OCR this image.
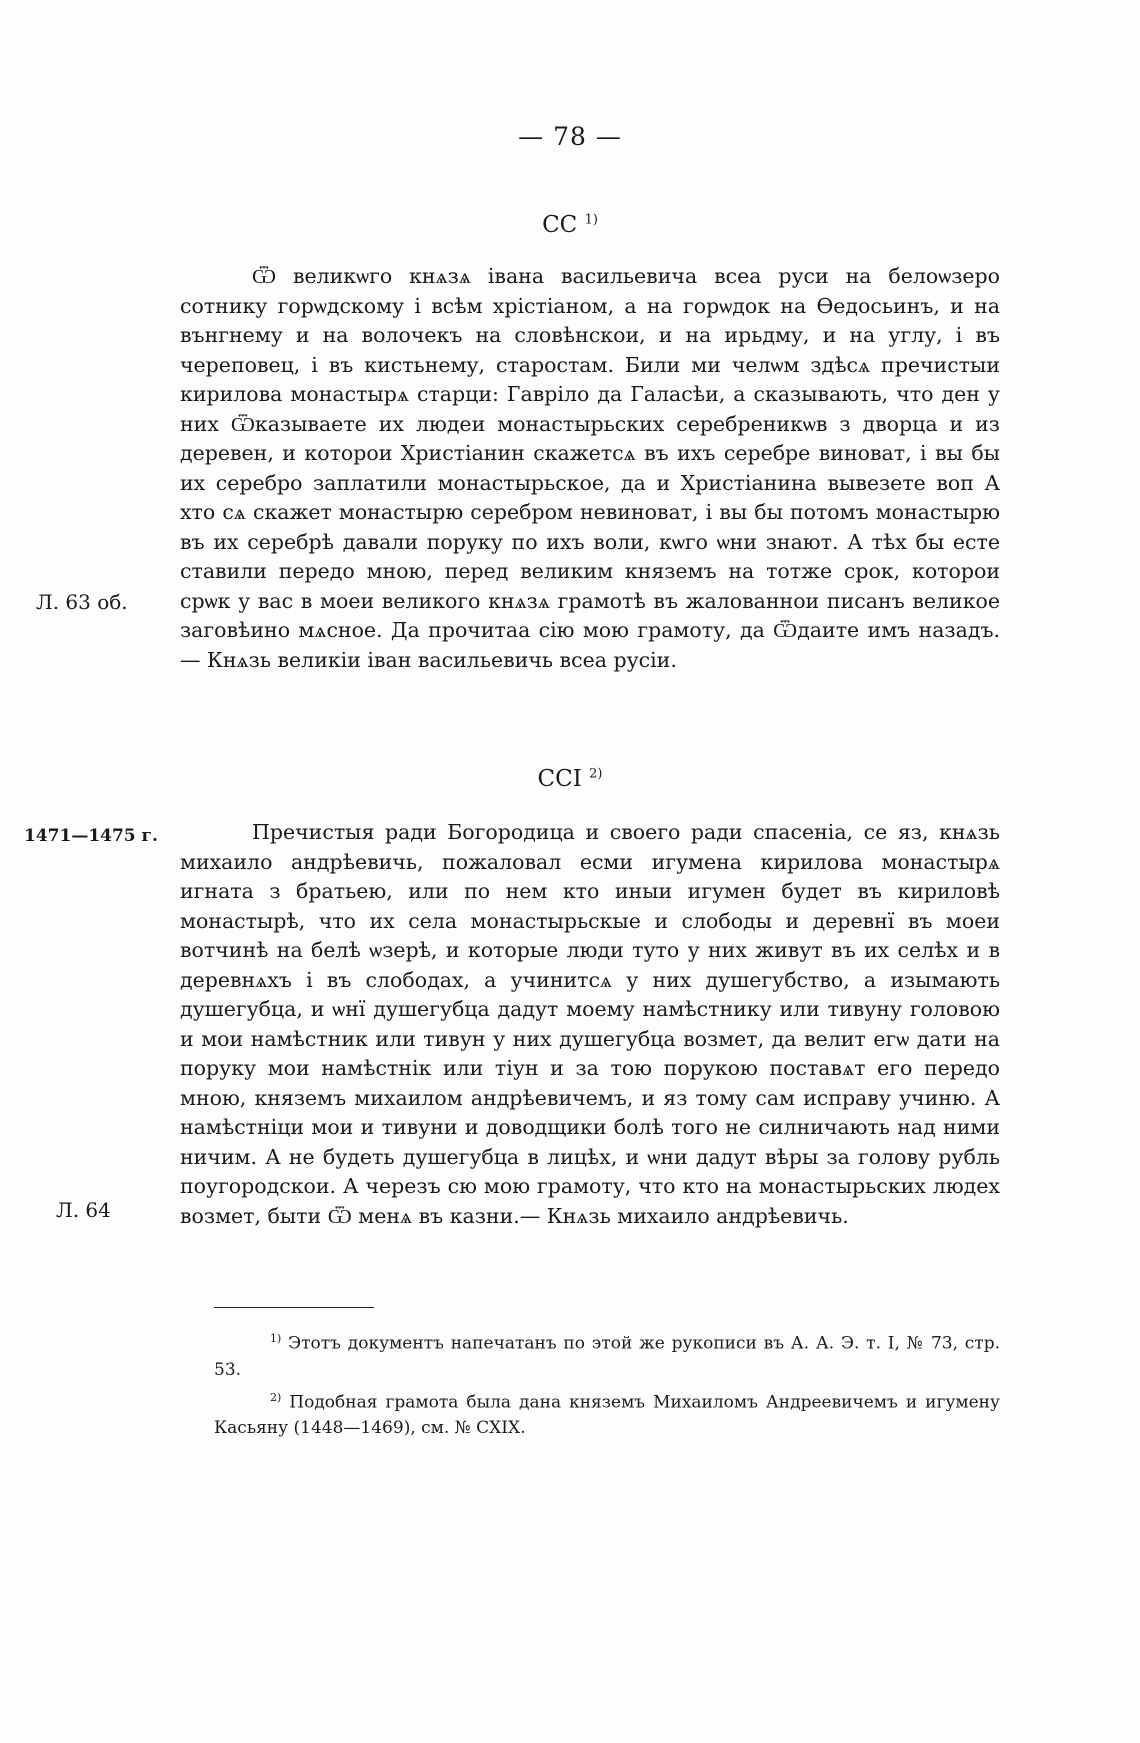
— 78 —
CC $^{1)}$

Ѿ великѡго кнѧзѧ івана васильевича всеа руси на белоѡзеро сотнику горѡдскому і всѣм хрістіаном, а на горѡдок на Ѳедосьинъ, и на вънгнему и на волочекъ на словѣнскои, и на ирьдму, и на углу, і въ череповец, і въ кистьнему, старостам. Били ми челѡм здѣсѧ пречистыи кирилова монастырѧ старци: Гавріло да Галасѣи, а сказывають, что ден у них Ѿказываете их людеи монастырьских серебреникѡв з дворца и из деревен, и которои Христіанин скажетсѧ въ ихъ серебре виноват, і вы бы их серебро заплатили монастырьское, да и Христіанина вывезете воп А хто сѧ скажет монастырю серебром невиноват, і вы бы потомъ монастырю въ их серебрѣ давали поруку по ихъ воли, кѡго ѡни знают. А тѣх бы есте ставили передо мною, перед великим княземъ на тотже срок, которои срѡк у вас в моеи великого кнѧзѧ грамотѣ въ жалованнои писанъ великое заговѣино мѧсное. Да прочитаа сію мою грамоту, да Ѿдаите имъ назадъ. — Кнѧзь великіи іван васильевичь всеа русіи.

Л. 63 об.
CCI $^{2)}$
1471—1475 г.	Пречистыя ради Богородица и своего ради спасеніа, се яз, кнѧзь михаило андрѣевичь, пожаловал есми игумена кирилова монастырѧ игната з братьею, или по нем кто иныи игумен будет въ кириловѣ монастырѣ, что их села монастырьскые и слободы и деревнї въ моеи вотчинѣ на белѣ ѡзерѣ, и которые люди туто у них живут въ их селѣх и в деревнѧхъ і въ слободах, а учинитсѧ у них душегубство, а изымають душегубца, и ѡнї душегубца дадут моему намѣстнику или тивуну головою и мои намѣстник или тивун у них душегубца возмет, да велит егѡ дати на поруку мои намѣстнік или тіун и за тою порукою поставѧт его передо мною, княземъ михаилом андрѣевичемъ, и яз тому сам исправу учиню. А намѣстніци мои и тивуни и доводщики болѣ того не силничають над ними ничим. А не будеть душегубца в лицѣх, и ѡни дадут вѣры за голову рубль поугородскои. А черезъ сю мою грамоту, что кто на монастырьских людех возмет, быти Ѿ менѧ въ казни.— Кнѧзь михаило андрѣевичь.

Л. 64

$^{1)}$ Этотъ документъ напечатанъ по этой же рукописи въ А. А. Э. т. I, № 73, стр. 53.

$^{2)}$ Подобная грамота была дана княземъ Михаиломъ Андреевичемъ и игумену Касьяну (1448—1469), см. № CXIX.
